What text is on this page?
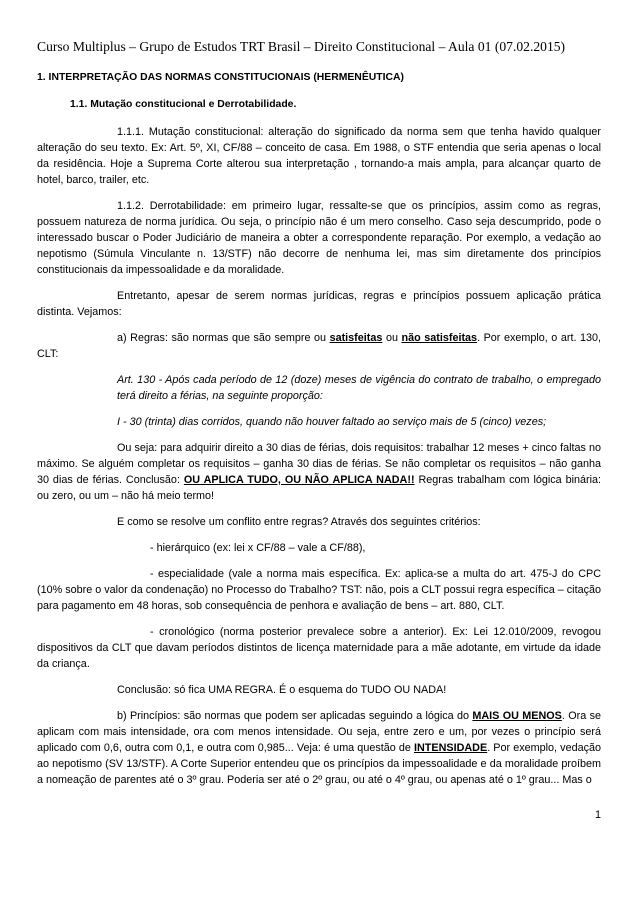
Curso Multiplus – Grupo de Estudos TRT Brasil – Direito Constitucional – Aula 01 (07.02.2015)
1. INTERPRETAÇÃO DAS NORMAS CONSTITUCIONAIS (HERMENÊUTICA)
1.1. Mutação constitucional e Derrotabilidade.

1.1.1. Mutação constitucional: alteração do significado da norma sem que tenha havido qualquer alteração do seu texto. Ex: Art. 5º, XI, CF/88 – conceito de casa. Em 1988, o STF entendia que seria apenas o local da residência. Hoje a Suprema Corte alterou sua interpretação , tornando-a mais ampla, para alcançar quarto de hotel, barco, trailer, etc.

1.1.2. Derrotabilidade: em primeiro lugar, ressalte-se que os princípios, assim como as regras, possuem natureza de norma jurídica. Ou seja, o princípio não é um mero conselho. Caso seja descumprido, pode o interessado buscar o Poder Judiciário de maneira a obter a correspondente reparação. Por exemplo, a vedação ao nepotismo (Súmula Vinculante n. 13/STF) não decorre de nenhuma lei, mas sim diretamente dos princípios constitucionais da impessoalidade e da moralidade.

Entretanto, apesar de serem normas jurídicas, regras e princípios possuem aplicação prática distinta. Vejamos:

a) Regras: são normas que são sempre ou satisfeitas ou não satisfeitas. Por exemplo, o art. 130, CLT:

Art. 130 - Após cada período de 12 (doze) meses de vigência do contrato de trabalho, o empregado terá direito a férias, na seguinte proporção:

I - 30 (trinta) dias corridos, quando não houver faltado ao serviço mais de 5 (cinco) vezes;

Ou seja: para adquirir direito a 30 dias de férias, dois requisitos: trabalhar 12 meses + cinco faltas no máximo. Se alguém completar os requisitos – ganha 30 dias de férias. Se não completar os requisitos – não ganha 30 dias de férias. Conclusão: OU APLICA TUDO, OU NÃO APLICA NADA!! Regras trabalham com lógica binária: ou zero, ou um – não há meio termo!

E como se resolve um conflito entre regras? Através dos seguintes critérios:

- hierárquico (ex: lei x CF/88 – vale a CF/88),

- especialidade (vale a norma mais específica. Ex: aplica-se a multa do art. 475-J do CPC (10% sobre o valor da condenação) no Processo do Trabalho? TST: não, pois a CLT possui regra específica – citação para pagamento em 48 horas, sob consequência de penhora e avaliação de bens – art. 880, CLT.

- cronológico (norma posterior prevalece sobre a anterior). Ex: Lei 12.010/2009, revogou dispositivos da CLT que davam períodos distintos de licença maternidade para a mãe adotante, em virtude da idade da criança.

Conclusão: só fica UMA REGRA. É o esquema do TUDO OU NADA!

b) Princípios: são normas que podem ser aplicadas seguindo a lógica do MAIS OU MENOS. Ora se aplicam com mais intensidade, ora com menos intensidade. Ou seja, entre zero e um, por vezes o princípio será aplicado com 0,6, outra com 0,1, e outra com 0,985... Veja: é uma questão de INTENSIDADE. Por exemplo, vedação ao nepotismo (SV 13/STF). A Corte Superior entendeu que os princípios da impessoalidade e da moralidade proíbem a nomeação de parentes até o 3º grau. Poderia ser até o 2º grau, ou até o 4º grau, ou apenas até o 1º grau... Mas o

1
